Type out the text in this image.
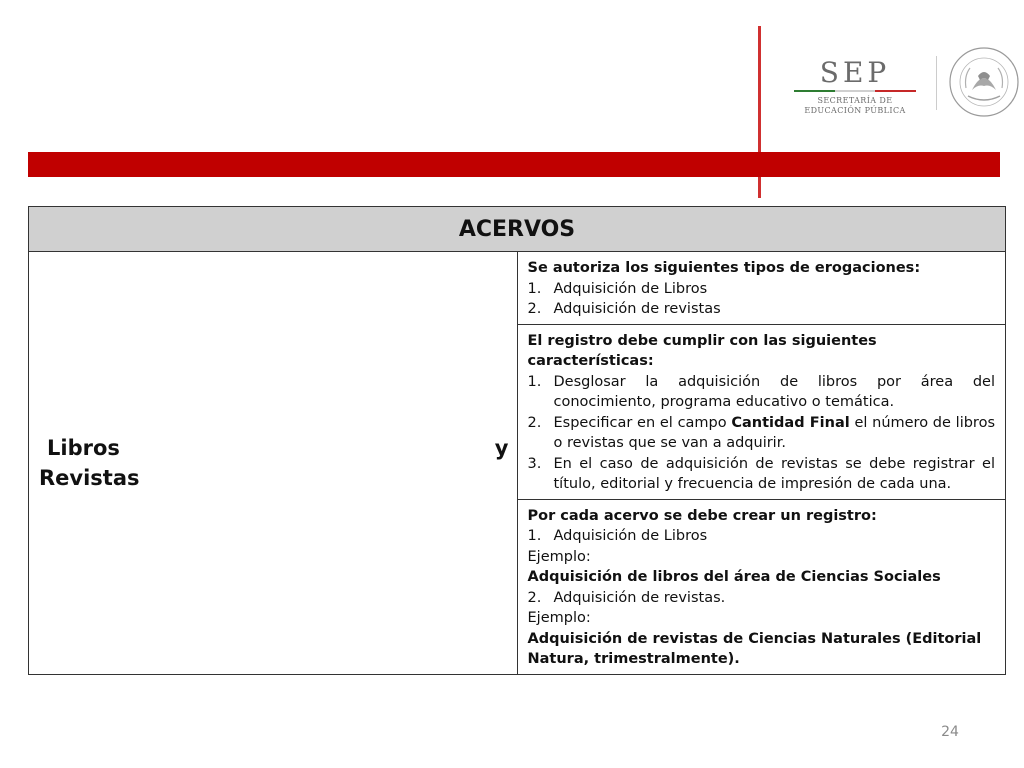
SEP
SECRETARÍA DE
EDUCACIÓN PÚBLICA
ACERVOS

Libros	y
Revistas

Se autoriza los siguientes tipos de erogaciones:
1. Adquisición de Libros
2. Adquisición de revistas

El registro debe cumplir con las siguientes características:
1. Desglosar la adquisición de libros por área del conocimiento, programa educativo o temática.
2. Especificar en el campo Cantidad Final el número de libros o revistas que se van a adquirir.
3. En el caso de adquisición de revistas se debe registrar el título, editorial y frecuencia de impresión de cada una.

Por cada acervo se debe crear un registro:
1. Adquisición de Libros
Ejemplo:
Adquisición de libros del área de Ciencias Sociales
2. Adquisición de revistas.
Ejemplo:
Adquisición de revistas de Ciencias Naturales (Editorial Natura, trimestralmente).
24
